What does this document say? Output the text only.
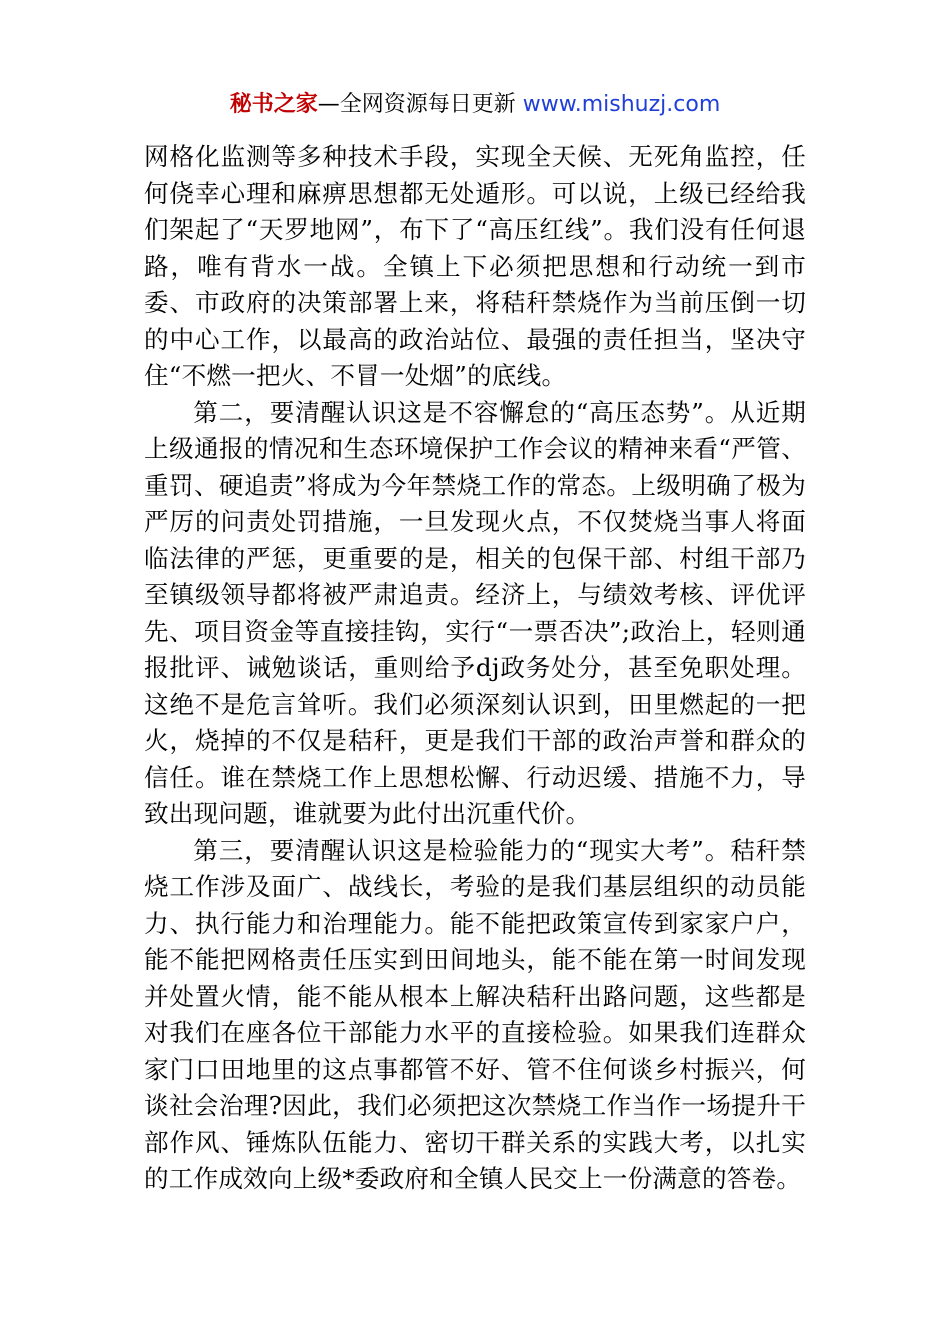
秘书之家—全网资源每日更新 www.mishuzj.com

网格化监测等多种技术手段，实现全天候、无死角监控，任何侥幸心理和麻痹思想都无处遁形。可以说，上级已经给我们架起了“天罗地网”，布下了“高压红线”。我们没有任何退路，唯有背水一战。全镇上下必须把思想和行动统一到市委、市政府的决策部署上来，将秸秆禁烧作为当前压倒一切的中心工作，以最高的政治站位、最强的责任担当，坚决守住“不燃一把火、不冒一处烟”的底线。

第二，要清醒认识这是不容懈怠的“高压态势”。从近期上级通报的情况和生态环境保护工作会议的精神来看“严管、重罚、硬追责”将成为今年禁烧工作的常态。上级明确了极为严厉的问责处罚措施，一旦发现火点，不仅焚烧当事人将面临法律的严惩，更重要的是，相关的包保干部、村组干部乃至镇级领导都将被严肃追责。经济上，与绩效考核、评优评先、项目资金等直接挂钩，实行“一票否决”;政治上，轻则通报批评、诫勉谈话，重则给予dj政务处分，甚至免职处理。这绝不是危言耸听。我们必须深刻认识到，田里燃起的一把火，烧掉的不仅是秸秆，更是我们干部的政治声誉和群众的信任。谁在禁烧工作上思想松懈、行动迟缓、措施不力，导致出现问题，谁就要为此付出沉重代价。

第三，要清醒认识这是检验能力的“现实大考”。秸秆禁烧工作涉及面广、战线长，考验的是我们基层组织的动员能力、执行能力和治理能力。能不能把政策宣传到家家户户，能不能把网格责任压实到田间地头，能不能在第一时间发现并处置火情，能不能从根本上解决秸秆出路问题，这些都是对我们在座各位干部能力水平的直接检验。如果我们连群众家门口田地里的这点事都管不好、管不住何谈乡村振兴，何谈社会治理?因此，我们必须把这次禁烧工作当作一场提升干部作风、锤炼队伍能力、密切干群关系的实践大考，以扎实的工作成效向上级*委政府和全镇人民交上一份满意的答卷。
